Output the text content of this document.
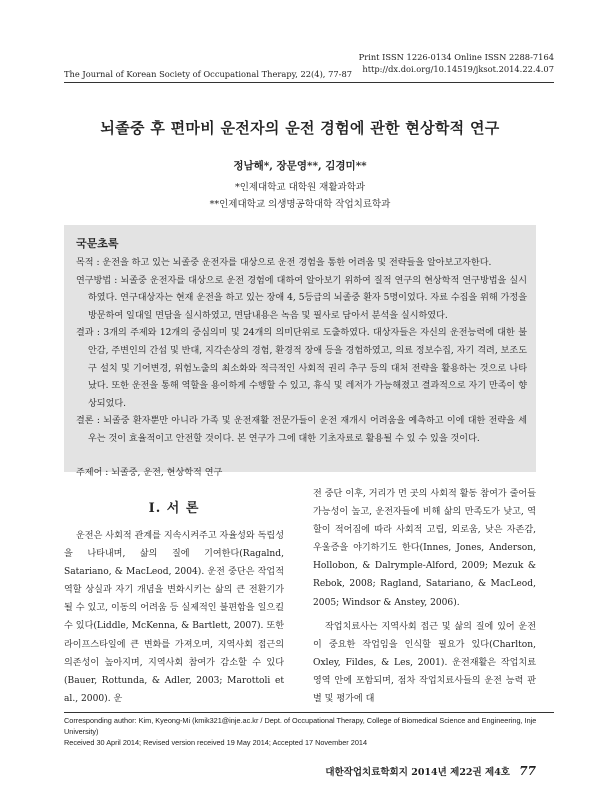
Print ISSN 1226-0134 Online ISSN 2288-7164
http://dx.doi.org/10.14519/jksot.2014.22.4.07
The Journal of Korean Society of Occupational Therapy, 22(4), 77-87
뇌졸중 후 편마비 운전자의 운전 경험에 관한 현상학적 연구
정남해*, 장문영**, 김경미**
*인제대학교 대학원 재활과학과
**인제대학교 의생명공학대학 작업치료학과
국문초록

목적 : 운전을 하고 있는 뇌졸중 운전자를 대상으로 운전 경험을 통한 어려움 및 전략들을 알아보고자한다.

연구방법 : 뇌졸중 운전자를 대상으로 운전 경험에 대하여 알아보기 위하여 질적 연구의 현상학적 연구방법을 실시하였다. 연구대상자는 현재 운전을 하고 있는 장애 4, 5등급의 뇌졸중 환자 5명이었다. 자료 수집을 위해 가정을 방문하여 일대일 면담을 실시하였고, 면담내용은 녹음 및 필사로 담아서 분석을 실시하였다.

결과 : 3개의 주제와 12개의 중심의미 및 24개의 의미단위로 도출하였다. 대상자들은 자신의 운전능력에 대한 불안감, 주변인의 간섭 및 반대, 지각손상의 경험, 환경적 장애 등을 경험하였고, 의료 정보수집, 자기 격려, 보조도구 설치 및 기어변경, 위험노출의 최소화와 적극적인 사회적 권리 추구 등의 대처 전략을 활용하는 것으로 나타났다. 또한 운전을 통해 역할을 용이하게 수행할 수 있고, 휴식 및 레저가 가능해졌고 결과적으로 자기 만족이 향상되었다.

결론 : 뇌졸중 환자뿐만 아니라 가족 및 운전재활 전문가들이 운전 재개시 어려움을 예측하고 이에 대한 전략을 세우는 것이 효율적이고 안전할 것이다. 본 연구가 그에 대한 기초자료로 활용될 수 있 수 있을 것이다.

주제어 : 뇌졸중, 운전, 현상학적 연구
Ⅰ. 서 론

운전은 사회적 관계를 지속시켜주고 자율성와 독립성을 나타내며, 삶의 질에 기여한다(Ragalnd, Satariano, & MacLeod, 2004). 운전 중단은 작업적 역할 상실과 자기 개념을 변화시키는 삶의 큰 전환기가 될 수 있고, 이동의 어려움 등 실제적인 불편함을 일으킬 수 있다(Liddle, McKenna, & Bartlett, 2007). 또한 라이프스타일에 큰 변화를 가져오며, 지역사회 접근의 의존성이 높아지며, 지역사회 참여가 감소할 수 있다(Bauer, Rottunda, & Adler, 2003; Marottoli et al., 2000). 운

전 중단 이후, 거리가 먼 곳의 사회적 활동 참여가 줄어들 가능성이 높고, 운전자들에 비해 삶의 만족도가 낮고, 역할이 적어짐에 따라 사회적 고립, 외로움, 낮은 자존감, 우울증을 야기하기도 한다(Innes, Jones, Anderson, Hollobon, & Dalrymple-Alford, 2009; Mezuk & Rebok, 2008; Ragland, Satariano, & MacLeod, 2005; Windsor & Anstey, 2006).

작업치료사는 지역사회 접근 및 삶의 질에 있어 운전이 중요한 작업임을 인식할 필요가 있다(Charlton, Oxley, Fildes, & Les, 2001). 운전재활은 작업치료 영역 안에 포함되며, 점차 작업치료사들의 운전 능력 판별 및 평가에 대

Corresponding author: Kim, Kyeong-Mi (kmik321@inje.ac.kr / Dept. of Occupational Therapy, College of Biomedical Science and Engineering, Inje University)
Received 30 April 2014; Revised version received 19 May 2014; Accepted 17 November 2014
대한작업치료학회지 2014년 제22권 제4호 77
